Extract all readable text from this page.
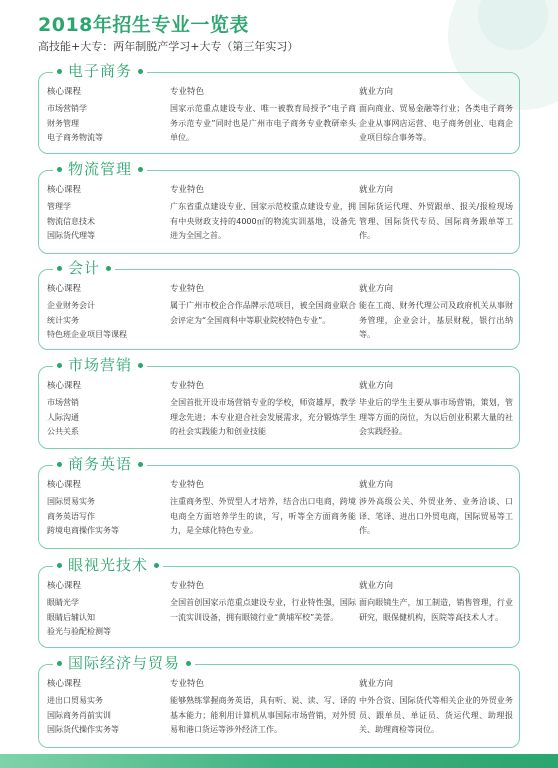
2018年招生专业一览表
高技能+大专：两年制脱产学习+大专（第三年实习）
电子商务
核心课程
市场营销学
财务管理
电子商务物流等
专业特色
国家示范重点建设专业、唯一被教育局授予“电子商务示范专业”同时也是广州市电子商务专业教研牵头单位。
就业方向
面向商业、贸易金融等行业；各类电子商务企业从事网店运营、电子商务创业、电商企业项目综合事务等。
物流管理
核心课程
管理学
物流信息技术
国际货代理等
专业特色
广东省重点建设专业、国家示范校重点建设专业，拥有中央财政支持的4000㎡的物流实训基地，设备先进为全国之首。
就业方向
国际货运代理、外贸跟单、报关/报检现场管理、国际货代专员、国际商务跟单等工作。
会计
核心课程
企业财务会计
统计实务
特色班企业项目等课程
专业特色
属于广州市校企合作品牌示范项目，被全国商业联合会评定为“全国商科中等职业院校特色专业”。
就业方向
能在工商、财务代理公司及政府机关从事财务管理，企业会计，基层财税，银行出纳等。
市场营销
核心课程
市场营销
人际沟通
公共关系
专业特色
全国首批开设市场营销专业的学校，师资雄厚，教学理念先进；本专业迎合社会发展需求，充分锻炼学生的社会实践能力和创业技能
就业方向
毕业后的学生主要从事市场营销，策划，管理等方面的岗位，为以后创业积累大量的社会实践经验。
商务英语
核心课程
国际贸易实务
商务英语写作
跨境电商操作实务等
专业特色
注重商务型、外贸型人才培养，结合出口电商，跨境电商全方面培养学生的读，写，听等全方面商务能力，是全球化特色专业。
就业方向
涉外高级公关、外贸业务、业务洽谈、口译、笔译、进出口外贸电商，国际贸易等工作。
眼视光技术
核心课程
眼睛光学
眼睛后辅认知
验光与验配检测等
专业特色
全国首创国家示范重点建设专业，行业特性强，国际一流实训设备，拥有眼镜行业“黄埔军校”美誉。
就业方向
面向眼镜生产，加工制造，销售管理，行业研究，眼保健机构，医院等高技术人才。
国际经济与贸易
核心课程
进出口贸易实务
国际商务肖前实训
国际货代操作实务等
专业特色
能够熟练掌握商务英语，具有听、说、读、写、译的基本能力；能利用计算机从事国际市场营销，对外贸易和港口货运等涉外经济工作。
就业方向
中外合资、国际货代等相关企业的外贸业务员、跟单员、单证员、货运代理、助理报关、助理商检等岗位。
